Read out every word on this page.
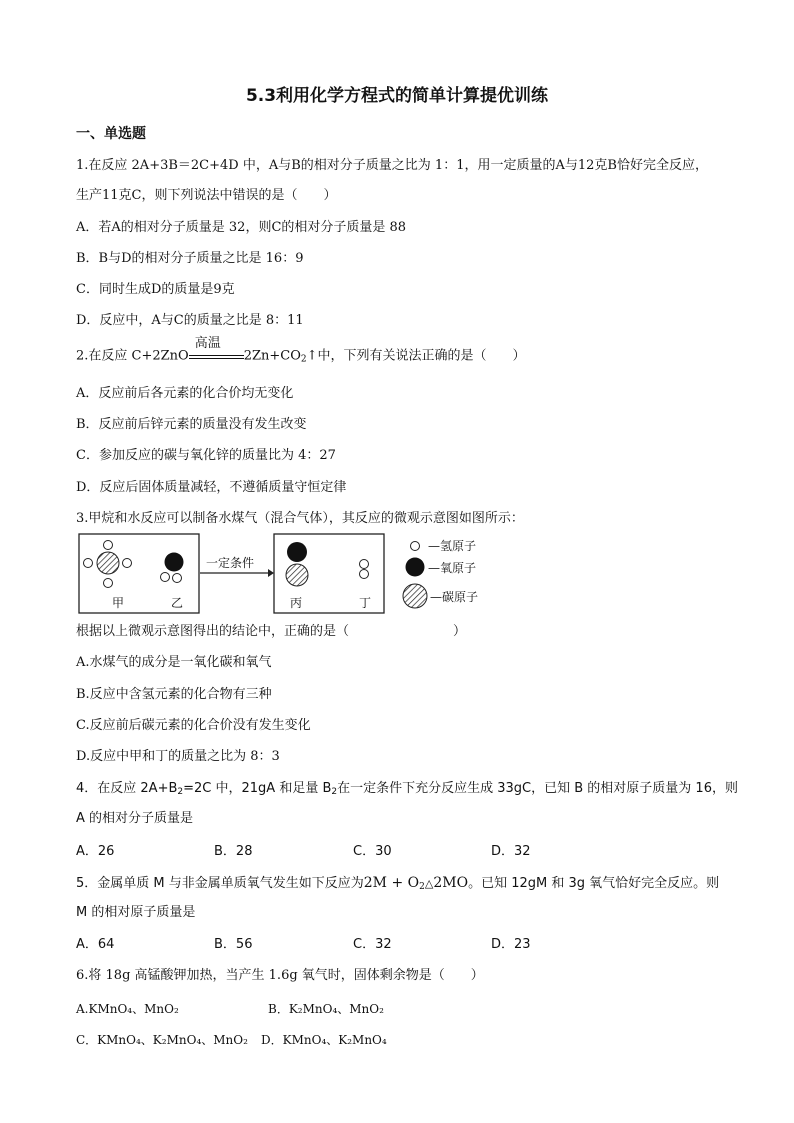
5.3利用化学方程式的简单计算提优训练
一、单选题
1.在反应 2A+3B＝2C+4D 中，A与B的相对分子质量之比为 1：1，用一定质量的A与12克B恰好完全反应，
生产11克C，则下列说法中错误的是（　　）
A．若A的相对分子质量是 32，则C的相对分子质量是 88
B．B与D的相对分子质量之比是 16：9
C．同时生成D的质量是9克
D．反应中，A与C的质量之比是 8：11
2.在反应 C+2ZnO
高温
$2Zn+CO_2↑$中，下列有关说法正确的是（　　）
A．反应前后各元素的化合价均无变化
B．反应前后锌元素的质量没有发生改变
C．参加反应的碳与氧化锌的质量比为 4：27
D．反应后固体质量减轻，不遵循质量守恒定律
3.甲烷和水反应可以制备水煤气（混合气体），其反应的微观示意图如图所示：
一定条件
甲	乙	丙	丁
—氢原子
—氧原子
—碳原子
根据以上微观示意图得出的结论中，正确的是（　　　　　　　　）
A.水煤气的成分是一氧化碳和氧气
B.反应中含氢元素的化合物有三种
C.反应前后碳元素的化合价没有发生变化
D.反应中甲和丁的质量之比为 8：3
4．在反应 $2A+B_2=2C$ 中，21gA 和足量 $B_2$在一定条件下充分反应生成 33gC，已知 B 的相对原子质量为 16，则
A 的相对分子质量是
A．26	B．28	C．30	D．32
5．金属单质 M 与非金属单质氧气发生如下反应为$2M + O_2\triangle 2MO$。已知 12gM 和 3g 氧气恰好完全反应。则
M 的相对原子质量是
A．64	B．56	C．32	D．23
6.将 18g 高锰酸钾加热，当产生 1.6g 氧气时，固体剩余物是（　　）
A.KMnO₄、MnO₂	B．K₂MnO₄、MnO₂
C．KMnO₄、K₂MnO₄、MnO₂ D．KMnO₄、K₂MnO₄
